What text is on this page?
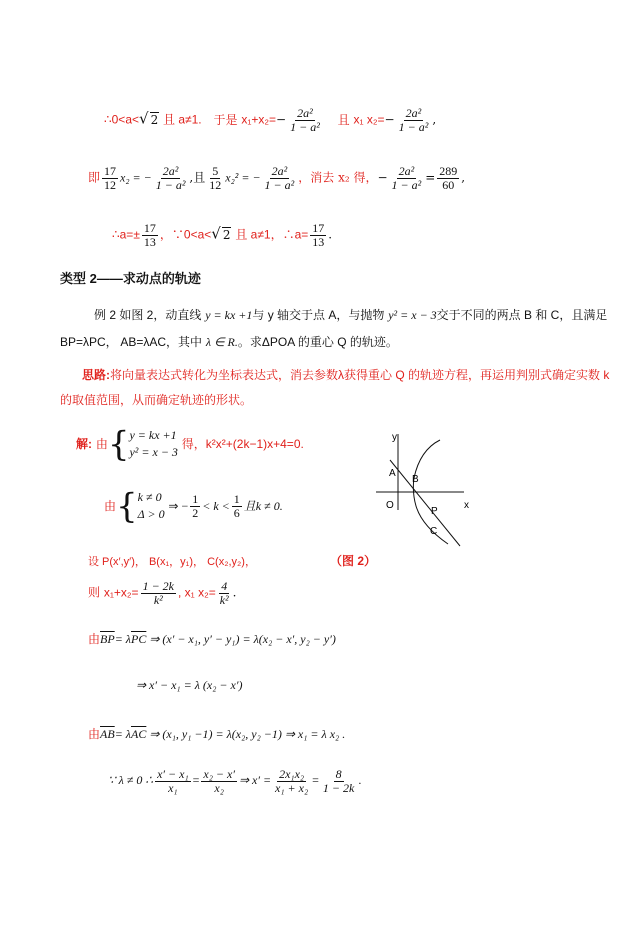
∴0<a<√ 2 且 a≠1. 于是 $x_1+x_2=- \frac{\text{2a²}}{\text{1 − a²}}$ 且 x₁ $x_2=- \frac{\text{2a²}}{\text{1 − a²}}$ ,
即 $\frac{17}{12} x_2$ = − $\frac{\text{2a²}}{\text{1 − a²}}$ ,且 $\frac{5}{12} x_2^2$ = − $\frac{\text{2a²}}{\text{1 − a²}}$ ，消去 x₂ 得，− $\frac{\text{2a²}}{\text{1 − a²}} = \frac{289}{60}$ ,
∴a=± $\frac{17}{13}$ ，∵0<a<√ 2 且 a≠1，∴a= $\frac{17}{13}$ .
类型 2——求动点的轨迹
例 2 如图 2，动直线 y = kx +1与 y 轴交于点 A，与抛物 y² = x − 3交于不同的两点 B 和 C，且满足
BP=λPC， AB=λAC，其中 λ ∈ R.。求ΔPOA 的重心 Q 的轨迹。
思路:将向量表达式转化为坐标表达式，消去参数λ获得重心 Q 的轨迹方程，再运用判别式确定实数 k
的取值范围，从而确定轨迹的形状。
解: 由{ y = kx +1
y² = x − 3
得，k²x²+(2k−1)x+4=0.
由{ k ≠ 0
Δ > 0
⇒ − $\frac{1}{2} < k < \frac{1}{6}$ 且k ≠ 0.
设 P(x′,y′)， B(x₁，y₁)， C(x₂,y₂)，	（图 2）
则 $x_1+x_2= \frac{1 - 2k}{\text{k²}}$ , x₁ $x_2= \frac{4}{\text{k²}}$ .
由$\overline{BP}= \lambda\overline{PC}$ ⇒ (x′ − x₁, y′ − y₁) = λ(x₂ − x′, y₂ − y′)
⇒ x′ − x₁ = λ (x₂ − x′)
由$\overline{AB}= \lambda\overline{AC}$ ⇒ (x₁, y₁ −1) = λ(x₂, y₂ −1) ⇒ x₁ = λ x₂ .
∵ λ ≠ 0 ∴ $\frac{\text{x′ − x₁}}{\text{x₁}} = \frac{\text{x₂ − x′}}{\text{x₂}}$ ⇒ $x' = \frac{\text{2x₁x₂}}{\text{x₁ + x₂}} = \frac{8}{1 - 2k}$ .
y
x
A
B
O
P
C
